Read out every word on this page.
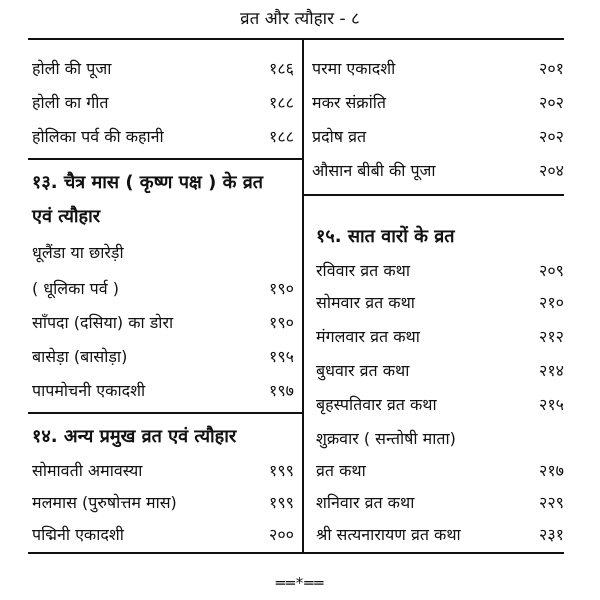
व्रत और त्यौहार - ८
होली की पूजा	१८६
होली का गीत	१८८
होलिका पर्व की कहानी	१८८
१३. चैत्र मास ( कृष्ण पक्ष ) के व्रत
एवं त्यौहार
धूलैंडा या छारेड़ी
( धूलिका पर्व )	१९०
साँपदा (दसिया) का डोरा	१९०
बासेड़ा (बासोड़ा)	१९५
पापमोचनी एकादशी	१९७
१४. अन्य प्रमुख व्रत एवं त्यौहार
सोमावती अमावस्या	१९९
मलमास (पुरुषोत्तम मास)	१९९
पद्मिनी एकादशी	२००
परमा एकादशी	२०१
मकर संक्रांति	२०२
प्रदोष व्रत	२०२
औसान बीबी की पूजा	२०४
१५. सात वारों के व्रत
रविवार व्रत कथा	२०९
सोमवार व्रत कथा	२१०
मंगलवार व्रत कथा	२१२
बुधवार व्रत कथा	२१४
बृहस्पतिवार व्रत कथा	२१५
शुक्रवार ( सन्तोषी माता)
व्रत कथा	२१७
शनिवार व्रत कथा	२२९
श्री सत्यनारायण व्रत कथा	२३१
══*══
